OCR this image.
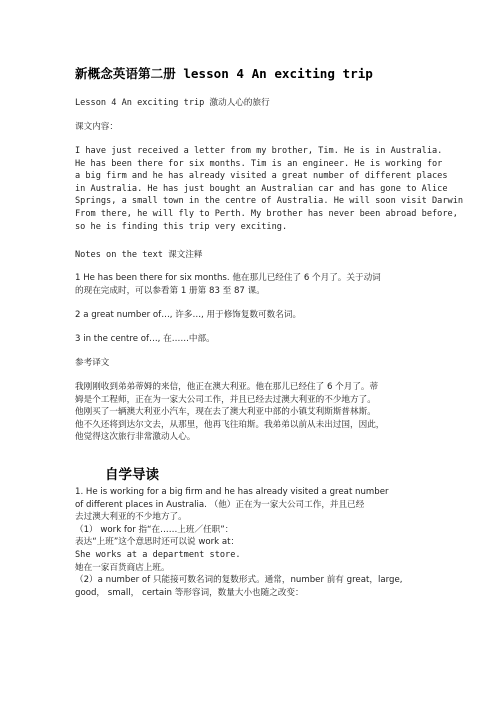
新概念英语第二册 lesson 4 An exciting trip
Lesson 4 An exciting trip 激动人心的旅行
课文内容：
I have just received a letter from my brother, Tim. He is in Australia.
He has been there for six months. Tim is an engineer. He is working for
a big firm and he has already visited a great number of different places
in Australia. He has just bought an Australian car and has gone to Alice
Springs, a small town in the centre of Australia. He will soon visit Darwin
From there, he will fly to Perth. My brother has never been abroad before,
so he is finding this trip very exciting.
Notes on the text 课文注释
1 He has been there for six months. 他在那儿已经住了 6 个月了。关于动词
的现在完成时，可以参看第 1 册第 83 至 87 课。
2 a great number of…, 许多…, 用于修饰复数可数名词。
3 in the centre of…, 在……中部。
参考译文
我刚刚收到弟弟蒂姆的来信，他正在澳大利亚。他在那儿已经住了 6 个月了。蒂
姆是个工程师，正在为一家大公司工作，并且已经去过澳大利亚的不少地方了。
他刚买了一辆澳大利亚小汽车，现在去了澳大利亚中部的小镇艾利斯斯普林斯。
他不久还将到达尔文去，从那里，他再飞往珀斯。我弟弟以前从未出过国，因此，
他觉得这次旅行非常激动人心。
自学导读
1. He is working for a big firm and he has already visited a great number
of different places in Australia. （他）正在为一家大公司工作，并且已经
去过澳大利亚的不少地方了。
（1） work for 指“在……上班／任职”：
表达“上班”这个意思时还可以说 work at：
She works at a department store.
她在一家百货商店上班。
（2）a number of 只能接可数名词的复数形式。通常，number 前有 great，large,
good， small， certain 等形容词，数量大小也随之改变：
